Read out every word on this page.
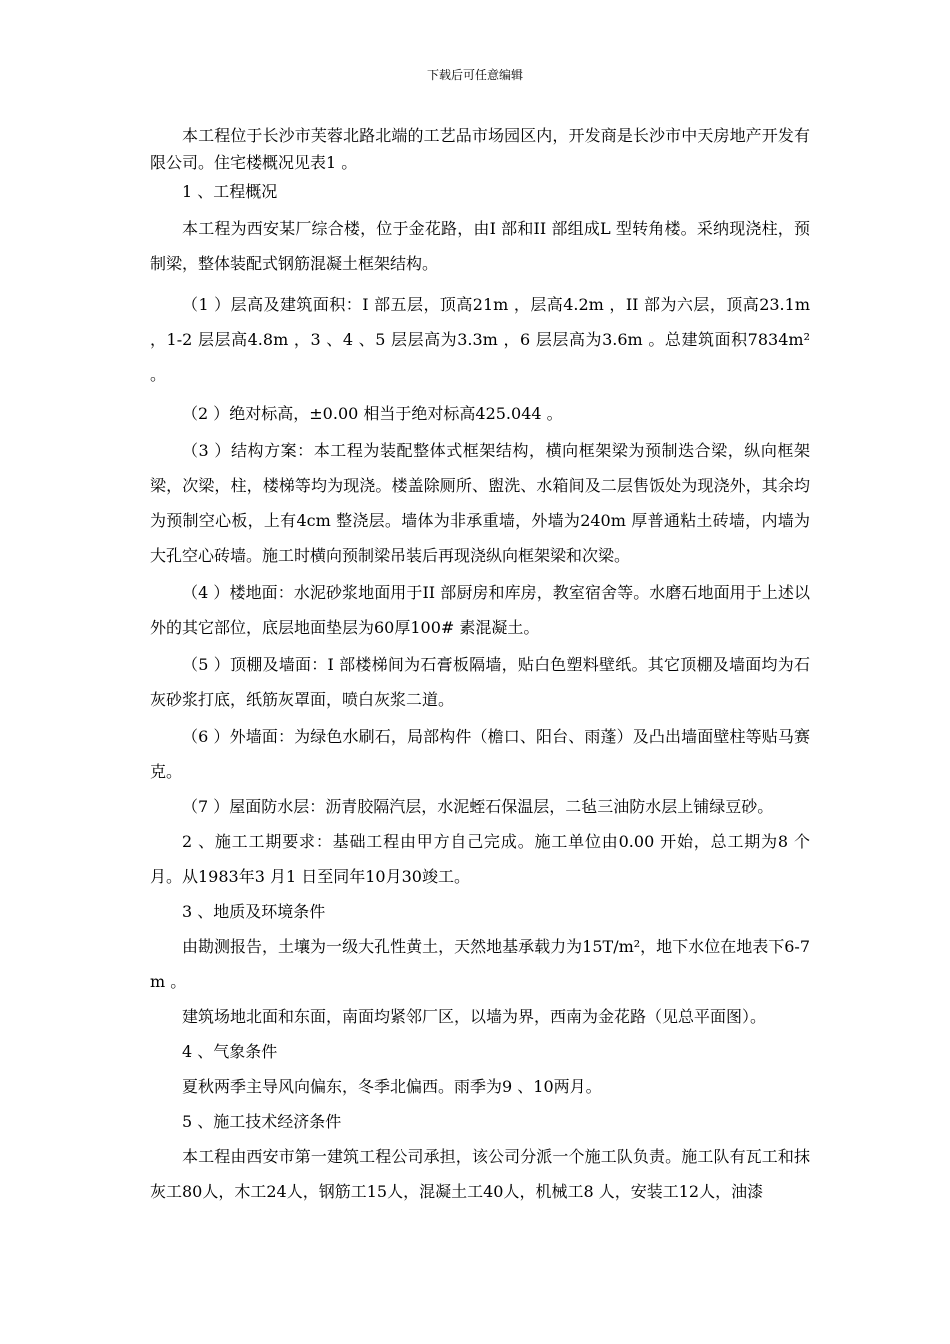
下载后可任意编辑

本工程位于长沙市芙蓉北路北端的工艺品市场园区内，开发商是长沙市中天房地产开发有限公司。住宅楼概况见表1 。

1 、工程概况

本工程为西安某厂综合楼，位于金花路，由I 部和II 部组成L 型转角楼。采纳现浇柱，预制梁，整体装配式钢筋混凝土框架结构。

（1 ）层高及建筑面积：I 部五层，顶高21m ，层高4.2m ，II 部为六层，顶高23.1m ，1-2 层层高4.8m ，3 、4 、5 层层高为3.3m ，6 层层高为3.6m 。总建筑面积7834m² 。

（2 ）绝对标高，±0.00 相当于绝对标高425.044 。

（3 ）结构方案：本工程为装配整体式框架结构，横向框架梁为预制迭合梁，纵向框架梁，次梁，柱，楼梯等均为现浇。楼盖除厕所、盥洗、水箱间及二层售饭处为现浇外，其余均为预制空心板，上有4cm 整浇层。墙体为非承重墙，外墙为240m 厚普通粘土砖墙，内墙为大孔空心砖墙。施工时横向预制梁吊装后再现浇纵向框架梁和次梁。

（4 ）楼地面：水泥砂浆地面用于II 部厨房和库房，教室宿舍等。水磨石地面用于上述以外的其它部位，底层地面垫层为60厚100# 素混凝土。

（5 ）顶棚及墙面：I 部楼梯间为石膏板隔墙，贴白色塑料壁纸。其它顶棚及墙面均为石灰砂浆打底，纸筋灰罩面，喷白灰浆二道。

（6 ）外墙面：为绿色水刷石，局部构件（檐口、阳台、雨蓬）及凸出墙面壁柱等贴马赛克。

（7 ）屋面防水层：沥青胶隔汽层，水泥蛭石保温层，二毡三油防水层上铺绿豆砂。

2 、施工工期要求：基础工程由甲方自己完成。施工单位由0.00 开始，总工期为8 个月。从1983年3 月1 日至同年10月30竣工。

3 、地质及环境条件

由勘测报告，土壤为一级大孔性黄土，天然地基承载力为15T/m²，地下水位在地表下6-7m 。

建筑场地北面和东面，南面均紧邻厂区，以墙为界，西南为金花路（见总平面图）。

4 、气象条件

夏秋两季主导风向偏东，冬季北偏西。雨季为9 、10两月。

5 、施工技术经济条件

本工程由西安市第一建筑工程公司承担，该公司分派一个施工队负责。施工队有瓦工和抹灰工80人，木工24人，钢筋工15人，混凝土工40人，机械工8 人，安装工12人，油漆
